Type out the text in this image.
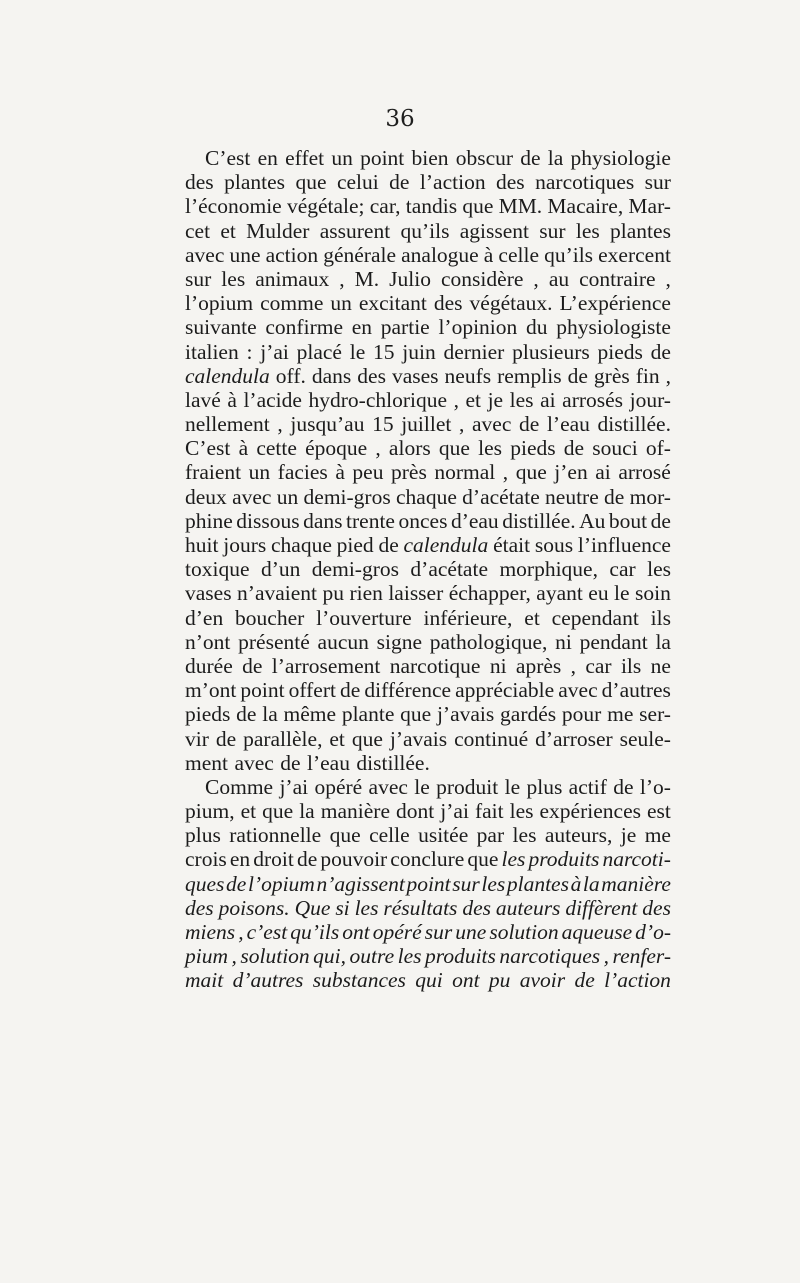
36
C’est en effet un point bien obscur de la physiologie
des plantes que celui de l’action des narcotiques sur
l’économie végétale; car, tandis que MM. Macaire, Mar-
cet et Mulder assurent qu’ils agissent sur les plantes
avec une action générale analogue à celle qu’ils exercent
sur les animaux , M. Julio considère , au contraire ,
l’opium comme un excitant des végétaux. L’expérience
suivante confirme en partie l’opinion du physiologiste
italien : j’ai placé le 15 juin dernier plusieurs pieds de
calendula off. dans des vases neufs remplis de grès fin ,
lavé à l’acide hydro-chlorique , et je les ai arrosés jour-
nellement , jusqu’au 15 juillet , avec de l’eau distillée.
C’est à cette époque , alors que les pieds de souci of-
fraient un facies à peu près normal , que j’en ai arrosé
deux avec un demi-gros chaque d’acétate neutre de mor-
phine dissous dans trente onces d’eau distillée. Au bout de
huit jours chaque pied de calendula était sous l’influence
toxique d’un demi-gros d’acétate morphique, car les
vases n’avaient pu rien laisser échapper, ayant eu le soin
d’en boucher l’ouverture inférieure, et cependant ils
n’ont présenté aucun signe pathologique, ni pendant la
durée de l’arrosement narcotique ni après , car ils ne
m’ont point offert de différence appréciable avec d’autres
pieds de la même plante que j’avais gardés pour me ser-
vir de parallèle, et que j’avais continué d’arroser seule-
ment avec de l’eau distillée.
Comme j’ai opéré avec le produit le plus actif de l’o-
pium, et que la manière dont j’ai fait les expériences est
plus rationnelle que celle usitée par les auteurs, je me
crois en droit de pouvoir conclure que les produits narcoti-
ques de l’opium n’agissent point sur les plantes à la manière
des poisons. Que si les résultats des auteurs diffèrent des
miens , c’est qu’ils ont opéré sur une solution aqueuse d’o-
pium , solution qui, outre les produits narcotiques , renfer-
mait d’autres substances qui ont pu avoir de l’action
